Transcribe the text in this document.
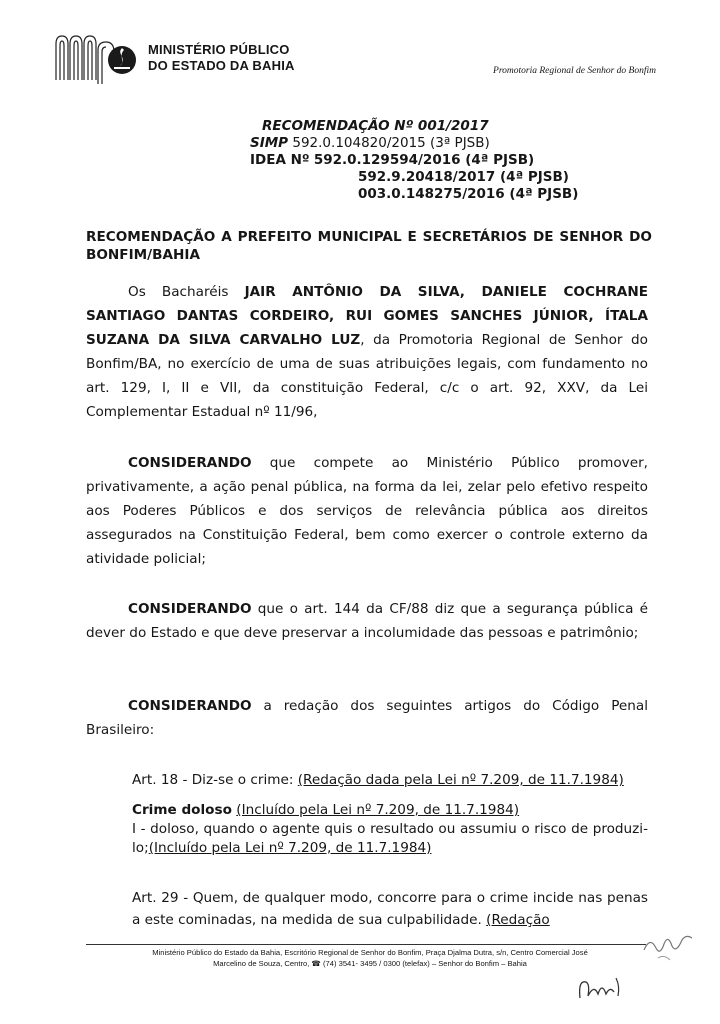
MINISTÉRIO PÚBLICO
DO ESTADO DA BAHIA	Promotoria Regional de Senhor do Bonfim
RECOMENDAÇÃO Nº 001/2017
SIMP 592.0.104820/2015 (3ª PJSB)
IDEA Nº 592.0.129594/2016 (4ª PJSB)
592.9.20418/2017 (4ª PJSB)
003.0.148275/2016 (4ª PJSB)
RECOMENDAÇÃO A PREFEITO MUNICIPAL E SECRETÁRIOS DE SENHOR DO BONFIM/BAHIA
Os Bacharéis JAIR ANTÔNIO DA SILVA, DANIELE COCHRANE SANTIAGO DANTAS CORDEIRO, RUI GOMES SANCHES JÚNIOR, ÍTALA SUZANA DA SILVA CARVALHO LUZ, da Promotoria Regional de Senhor do Bonfim/BA, no exercício de uma de suas atribuições legais, com fundamento no art. 129, I, II e VII, da constituição Federal, c/c o art. 92, XXV, da Lei Complementar Estadual nº 11/96,
CONSIDERANDO que compete ao Ministério Público promover, privativamente, a ação penal pública, na forma da lei, zelar pelo efetivo respeito aos Poderes Públicos e dos serviços de relevância pública aos direitos assegurados na Constituição Federal, bem como exercer o controle externo da atividade policial;
CONSIDERANDO que o art. 144 da CF/88 diz que a segurança pública é dever do Estado e que deve preservar a incolumidade das pessoas e patrimônio;
CONSIDERANDO a redação dos seguintes artigos do Código Penal Brasileiro:
Art. 18 - Diz-se o crime: (Redação dada pela Lei nº 7.209, de 11.7.1984)
Crime doloso (Incluído pela Lei nº 7.209, de 11.7.1984)
I - doloso, quando o agente quis o resultado ou assumiu o risco de produzi-lo;(Incluído pela Lei nº 7.209, de 11.7.1984)
Art. 29 - Quem, de qualquer modo, concorre para o crime incide nas penas a este cominadas, na medida de sua culpabilidade. (Redação
Ministério Público do Estado da Bahia, Escritório Regional de Senhor do Bonfim, Praça Djalma Dutra, s/n, Centro Comercial José
Marcelino de Souza, Centro, ☎ (74) 3541- 3495 / 0300 (telefax) – Senhor do Bonfim – Bahia
